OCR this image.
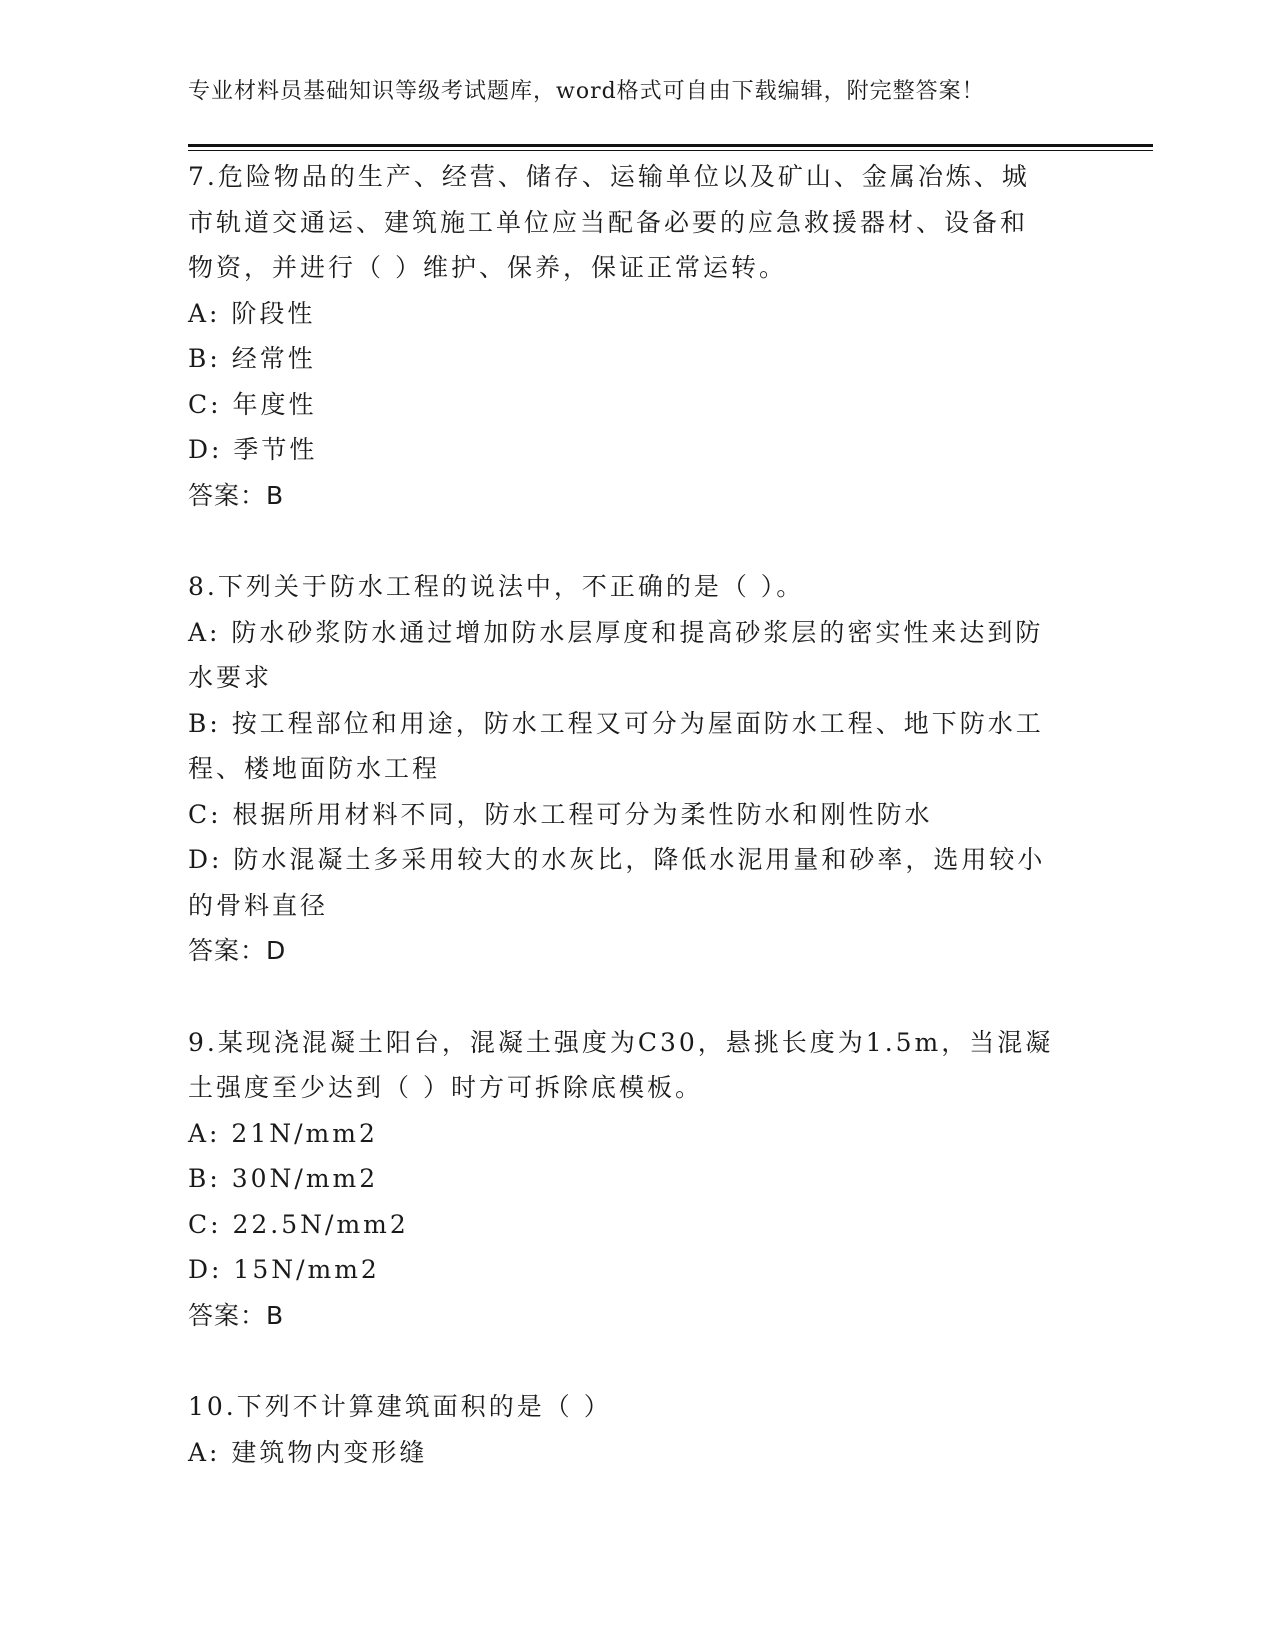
专业材料员基础知识等级考试题库，word格式可自由下载编辑，附完整答案！
7.危险物品的生产、经营、储存、运输单位以及矿山、金属冶炼、城
市轨道交通运、建筑施工单位应当配备必要的应急救援器材、设备和
物资，并进行（ ）维护、保养，保证正常运转。
A: 阶段性
B: 经常性
C: 年度性
D: 季节性
答案：B
8.下列关于防水工程的说法中，不正确的是（ ）。
A: 防水砂浆防水通过增加防水层厚度和提高砂浆层的密实性来达到防
水要求
B: 按工程部位和用途，防水工程又可分为屋面防水工程、地下防水工
程、楼地面防水工程
C: 根据所用材料不同，防水工程可分为柔性防水和刚性防水
D: 防水混凝土多采用较大的水灰比，降低水泥用量和砂率，选用较小
的骨料直径
答案：D
9.某现浇混凝土阳台，混凝土强度为C30，悬挑长度为1.5m，当混凝
土强度至少达到（ ）时方可拆除底模板。
A: 21N/mm2
B: 30N/mm2
C: 22.5N/mm2
D: 15N/mm2
答案：B
10.下列不计算建筑面积的是（ ）
A: 建筑物内变形缝
